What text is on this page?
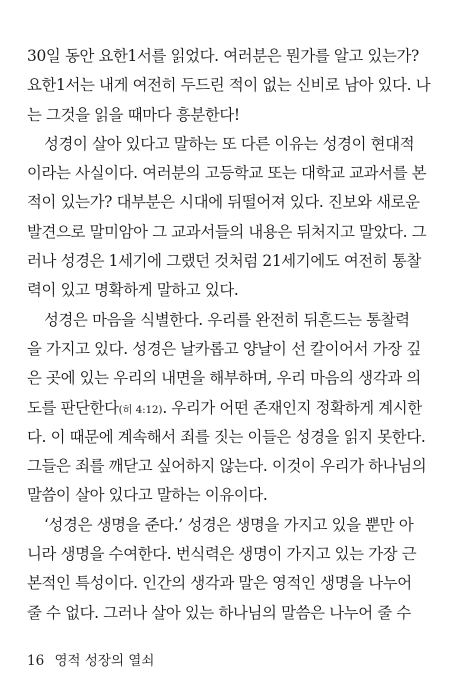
30일 동안 요한1서를 읽었다. 여러분은 뭔가를 알고 있는가?
요한1서는 내게 여전히 두드린 적이 없는 신비로 남아 있다. 나
는 그것을 읽을 때마다 흥분한다!
성경이 살아 있다고 말하는 또 다른 이유는 성경이 현대적
이라는 사실이다. 여러분의 고등학교 또는 대학교 교과서를 본
적이 있는가? 대부분은 시대에 뒤떨어져 있다. 진보와 새로운
발견으로 말미암아 그 교과서들의 내용은 뒤처지고 말았다. 그
러나 성경은 1세기에 그랬던 것처럼 21세기에도 여전히 통찰
력이 있고 명확하게 말하고 있다.
성경은 마음을 식별한다. 우리를 완전히 뒤흔드는 통찰력
을 가지고 있다. 성경은 날카롭고 양날이 선 칼이어서 가장 깊
은 곳에 있는 우리의 내면을 해부하며, 우리 마음의 생각과 의
도를 판단한다(히 4:12). 우리가 어떤 존재인지 정확하게 계시한
다. 이 때문에 계속해서 죄를 짓는 이들은 성경을 읽지 못한다.
그들은 죄를 깨닫고 싶어하지 않는다. 이것이 우리가 하나님의
말씀이 살아 있다고 말하는 이유이다.
‘성경은 생명을 준다.’ 성경은 생명을 가지고 있을 뿐만 아
니라 생명을 수여한다. 번식력은 생명이 가지고 있는 가장 근
본적인 특성이다. 인간의 생각과 말은 영적인 생명을 나누어
줄 수 없다. 그러나 살아 있는 하나님의 말씀은 나누어 줄 수
16 영적 성장의 열쇠
